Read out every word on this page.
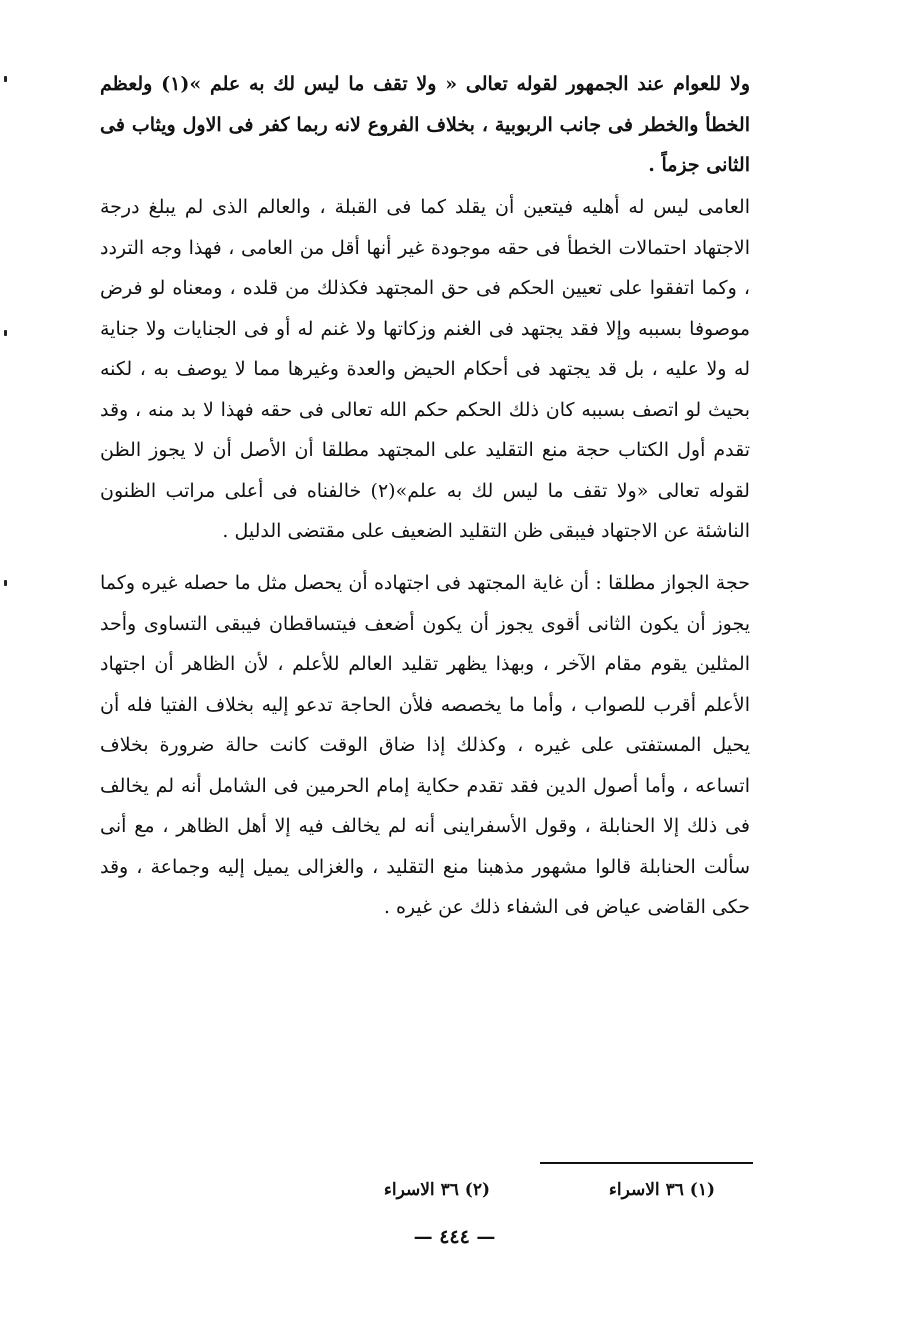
ولا للعوام عند الجمهور لقوله تعالى « ولا تقف ما ليس لك به علم »(١) ولعظم الخطأ والخطر فى جانب الربوبية ، بخلاف الفروع لانه ربما كفر فى الاول ويثاب فى الثانى جزماً .

العامى ليس له أهليه فيتعين أن يقلد كما فى القبلة ، والعالم الذى لم يبلغ درجة الاجتهاد احتمالات الخطأ فى حقه موجودة غير أنها أقل من العامى ، فهذا وجه التردد ، وكما اتفقوا على تعيين الحكم فى حق المجتهد فكذلك من قلده ، ومعناه لو فرض موصوفا بسببه وإلا فقد يجتهد فى الغنم وزكاتها ولا غنم له أو فى الجنايات ولا جناية له ولا عليه ، بل قد يجتهد فى أحكام الحيض والعدة وغيرها مما لا يوصف به ، لكنه بحيث لو اتصف بسببه كان ذلك الحكم حكم الله تعالى فى حقه فهذا لا بد منه ، وقد تقدم أول الكتاب حجة منع التقليد على المجتهد مطلقا أن الأصل أن لا يجوز الظن لقوله تعالى «ولا تقف ما ليس لك به علم»(٢) خالفناه فى أعلى مراتب الظنون الناشئة عن الاجتهاد فيبقى ظن التقليد الضعيف على مقتضى الدليل .

حجة الجواز مطلقا : أن غاية المجتهد فى اجتهاده أن يحصل مثل ما حصله غيره وكما يجوز أن يكون الثانى أقوى يجوز أن يكون أضعف فيتساقطان فيبقى التساوى وأحد المثلين يقوم مقام الآخر ، وبهذا يظهر تقليد العالم للأعلم ، لأن الظاهر أن اجتهاد الأعلم أقرب للصواب ، وأما ما يخصصه فلأن الحاجة تدعو إليه بخلاف الفتيا فله أن يحيل المستفتى على غيره ، وكذلك إذا ضاق الوقت كانت حالة ضرورة بخلاف اتساعه ، وأما أصول الدين فقد تقدم حكاية إمام الحرمين فى الشامل أنه لم يخالف فى ذلك إلا الحنابلة ، وقول الأسفراينى أنه لم يخالف فيه إلا أهل الظاهر ، مع أنى سألت الحنابلة قالوا مشهور مذهبنا منع التقليد ، والغزالى يميل إليه وجماعة ، وقد حكى القاضى عياض فى الشفاء ذلك عن غيره .

(١) ٣٦ الاسراء
(٢) ٣٦ الاسراء
— ٤٤٤ —
